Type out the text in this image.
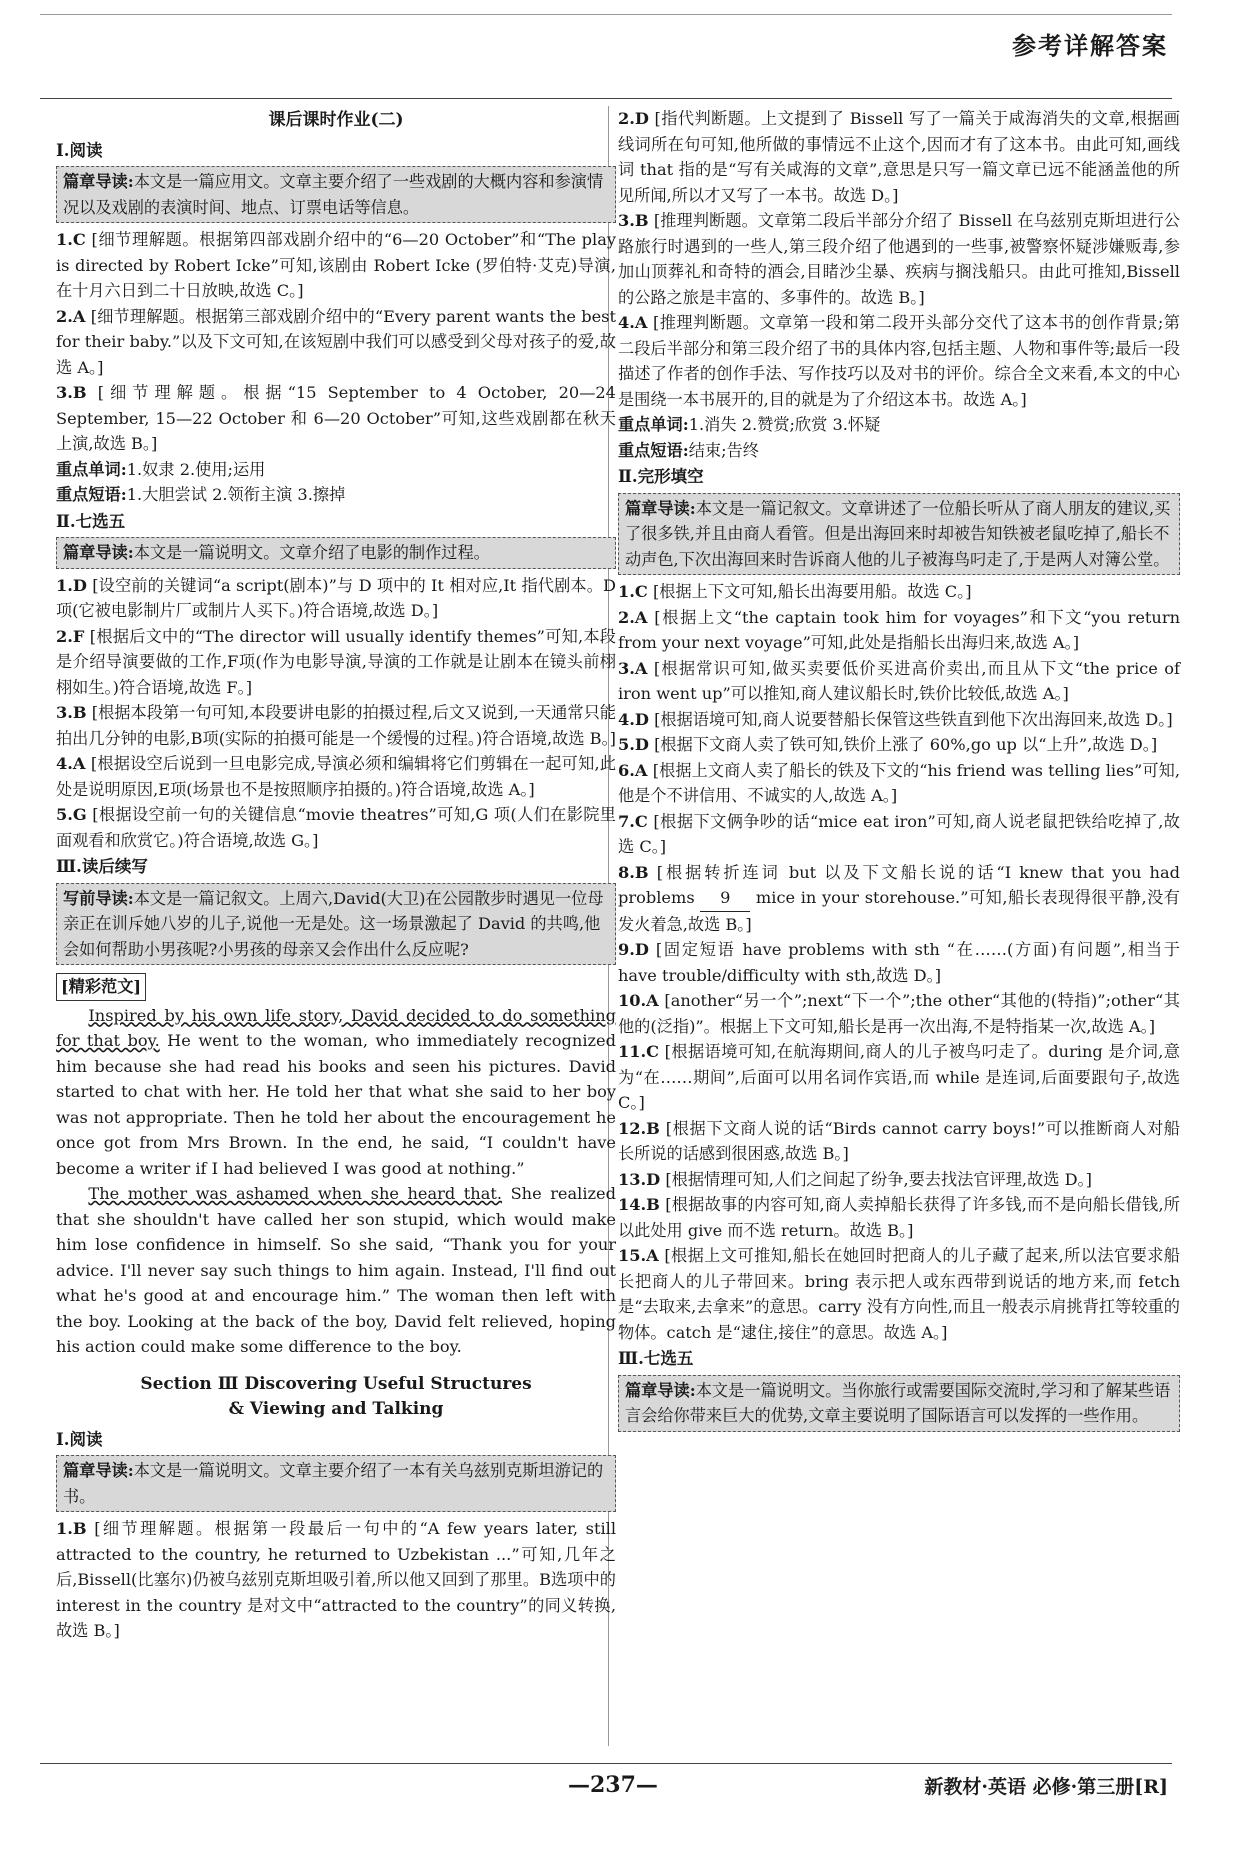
参考详解答案
课后课时作业(二)
Ⅰ.阅读
篇章导读:本文是一篇应用文。文章主要介绍了一些戏剧的大概内容和参演情况以及戏剧的表演时间、地点、订票电话等信息。
1.C [细节理解题。根据第四部戏剧介绍中的“6—20 October”和“The play is directed by Robert Icke”可知,该剧由 Robert Icke (罗伯特·艾克)导演,在十月六日到二十日放映,故选 C。]
2.A [细节理解题。根据第三部戏剧介绍中的“Every parent wants the best for their baby.”以及下文可知,在该短剧中我们可以感受到父母对孩子的爱,故选 A。]
3.B [细节理解题。根据“15 September to 4 October, 20—24 September, 15—22 October 和 6—20 October”可知,这些戏剧都在秋天上演,故选 B。]
重点单词:1.奴隶 2.使用;运用
重点短语:1.大胆尝试 2.领衔主演 3.擦掉
Ⅱ.七选五
篇章导读:本文是一篇说明文。文章介绍了电影的制作过程。
1.D [设空前的关键词“a script(剧本)”与 D 项中的 It 相对应,It 指代剧本。D项(它被电影制片厂或制片人买下。)符合语境,故选 D。]
2.F [根据后文中的“The director will usually identify themes”可知,本段是介绍导演要做的工作,F项(作为电影导演,导演的工作就是让剧本在镜头前栩栩如生。)符合语境,故选 F。]
3.B [根据本段第一句可知,本段要讲电影的拍摄过程,后文又说到,一天通常只能拍出几分钟的电影,B项(实际的拍摄可能是一个缓慢的过程。)符合语境,故选 B。]
4.A [根据设空后说到一旦电影完成,导演必须和编辑将它们剪辑在一起可知,此处是说明原因,E项(场景也不是按照顺序拍摄的。)符合语境,故选 A。]
5.G [根据设空前一句的关键信息“movie theatres”可知,G 项(人们在影院里面观看和欣赏它。)符合语境,故选 G。]
Ⅲ.读后续写
写前导读:本文是一篇记叙文。上周六,David(大卫)在公园散步时遇见一位母亲正在训斥她八岁的儿子,说他一无是处。这一场景激起了 David 的共鸣,他会如何帮助小男孩呢?小男孩的母亲又会作出什么反应呢?
[精彩范文]

Inspired by his own life story, David decided to do something for that boy. He went to the woman, who immediately recognized him because she had read his books and seen his pictures. David started to chat with her. He told her that what she said to her boy was not appropriate. Then he told her about the encouragement he once got from Mrs Brown. In the end, he said, “I couldn't have become a writer if I had believed I was good at nothing.”

The mother was ashamed when she heard that. She realized that she shouldn't have called her son stupid, which would make him lose confidence in himself. So she said, “Thank you for your advice. I'll never say such things to him again. Instead, I'll find out what he's good at and encourage him.” The woman then left with the boy. Looking at the back of the boy, David felt relieved, hoping his action could make some difference to the boy.

Section Ⅲ Discovering Useful Structures
& Viewing and Talking
Ⅰ.阅读
篇章导读:本文是一篇说明文。文章主要介绍了一本有关乌兹别克斯坦游记的书。
1.B [细节理解题。根据第一段最后一句中的“A few years later, still attracted to the country, he returned to Uzbekistan ...”可知,几年之后,Bissell(比塞尔)仍被乌兹别克斯坦吸引着,所以他又回到了那里。B选项中的 interest in the country 是对文中“attracted to the country”的同义转换,故选 B。]
2.D [指代判断题。上文提到了 Bissell 写了一篇关于咸海消失的文章,根据画线词所在句可知,他所做的事情远不止这个,因而才有了这本书。由此可知,画线词 that 指的是“写有关咸海的文章”,意思是只写一篇文章已远不能涵盖他的所见所闻,所以才又写了一本书。故选 D。]
3.B [推理判断题。文章第二段后半部分介绍了 Bissell 在乌兹别克斯坦进行公路旅行时遇到的一些人,第三段介绍了他遇到的一些事,被警察怀疑涉嫌贩毒,参加山顶葬礼和奇特的酒会,目睹沙尘暴、疾病与搁浅船只。由此可推知,Bissell 的公路之旅是丰富的、多事件的。故选 B。]
4.A [推理判断题。文章第一段和第二段开头部分交代了这本书的创作背景;第二段后半部分和第三段介绍了书的具体内容,包括主题、人物和事件等;最后一段描述了作者的创作手法、写作技巧以及对书的评价。综合全文来看,本文的中心是围绕一本书展开的,目的就是为了介绍这本书。故选 A。]
重点单词:1.消失 2.赞赏;欣赏 3.怀疑
重点短语:结束;告终
Ⅱ.完形填空
篇章导读:本文是一篇记叙文。文章讲述了一位船长听从了商人朋友的建议,买了很多铁,并且由商人看管。但是出海回来时却被告知铁被老鼠吃掉了,船长不动声色,下次出海回来时告诉商人他的儿子被海鸟叼走了,于是两人对簿公堂。
1.C [根据上下文可知,船长出海要用船。故选 C。]
2.A [根据上文“the captain took him for voyages”和下文“you return from your next voyage”可知,此处是指船长出海归来,故选 A。]
3.A [根据常识可知,做买卖要低价买进高价卖出,而且从下文“the price of iron went up”可以推知,商人建议船长时,铁价比较低,故选 A。]
4.D [根据语境可知,商人说要替船长保管这些铁直到他下次出海回来,故选 D。]
5.D [根据下文商人卖了铁可知,铁价上涨了 60%,go up 以“上升”,故选 D。]
6.A [根据上文商人卖了船长的铁及下文的“his friend was telling lies”可知,他是个不讲信用、不诚实的人,故选 A。]
7.C [根据下文俩争吵的话“mice eat iron”可知,商人说老鼠把铁给吃掉了,故选 C。]
8.B [根据转折连词 but 以及下文船长说的话“I knew that you had problems 9 mice in your storehouse.”可知,船长表现得很平静,没有发火着急,故选 B。]
9.D [固定短语 have problems with sth “在……(方面)有问题”,相当于 have trouble/difficulty with sth,故选 D。]
10.A [another“另一个”;next“下一个”;the other“其他的(特指)”;other“其他的(泛指)”。根据上下文可知,船长是再一次出海,不是特指某一次,故选 A。]
11.C [根据语境可知,在航海期间,商人的儿子被鸟叼走了。during 是介词,意为“在……期间”,后面可以用名词作宾语,而 while 是连词,后面要跟句子,故选 C。]
12.B [根据下文商人说的话“Birds cannot carry boys!”可以推断商人对船长所说的话感到很困惑,故选 B。]
13.D [根据情理可知,人们之间起了纷争,要去找法官评理,故选 D。]
14.B [根据故事的内容可知,商人卖掉船长获得了许多钱,而不是向船长借钱,所以此处用 give 而不选 return。故选 B。]
15.A [根据上文可推知,船长在她回时把商人的儿子藏了起来,所以法官要求船长把商人的儿子带回来。bring 表示把人或东西带到说话的地方来,而 fetch 是“去取来,去拿来”的意思。carry 没有方向性,而且一般表示肩挑背扛等较重的物体。catch 是“逮住,接住”的意思。故选 A。]
Ⅲ.七选五
篇章导读:本文是一篇说明文。当你旅行或需要国际交流时,学习和了解某些语言会给你带来巨大的优势,文章主要说明了国际语言可以发挥的一些作用。
—237—	新教材·英语 必修·第三册[R]
